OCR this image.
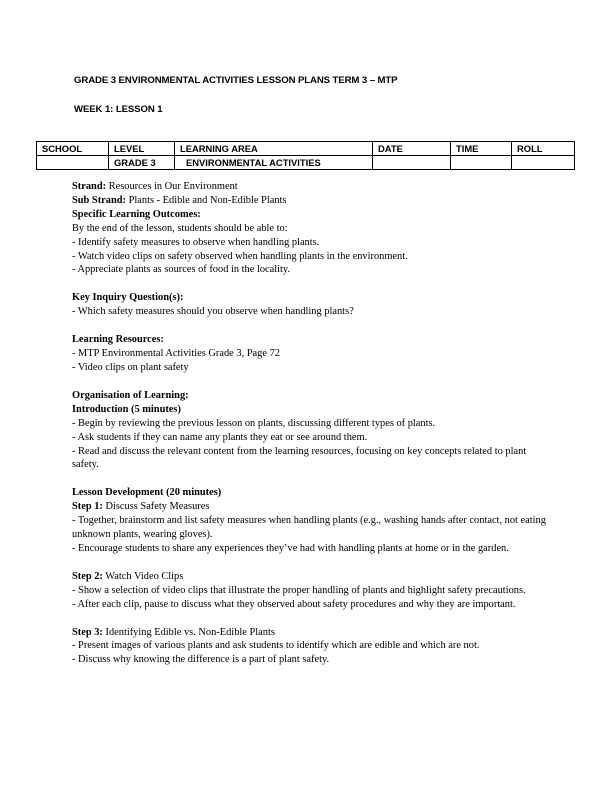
GRADE 3 ENVIRONMENTAL ACTIVITIES LESSON PLANS TERM 3 – MTP
WEEK 1: LESSON 1
SCHOOL	LEVEL	LEARNING AREA	DATE	TIME	ROLL
	GRADE 3	ENVIRONMENTAL ACTIVITIES			

Strand: Resources in Our Environment

Sub Strand: Plants - Edible and Non-Edible Plants

Specific Learning Outcomes:

By the end of the lesson, students should be able to:

- Identify safety measures to observe when handling plants.

- Watch video clips on safety observed when handling plants in the environment.

- Appreciate plants as sources of food in the locality.

Key Inquiry Question(s):

- Which safety measures should you observe when handling plants?

Learning Resources:

- MTP Environmental Activities Grade 3, Page 72

- Video clips on plant safety

Organisation of Learning:

Introduction (5 minutes)

- Begin by reviewing the previous lesson on plants, discussing different types of plants.

- Ask students if they can name any plants they eat or see around them.

- Read and discuss the relevant content from the learning resources, focusing on key concepts related to plant safety.

Lesson Development (20 minutes)

Step 1: Discuss Safety Measures

- Together, brainstorm and list safety measures when handling plants (e.g., washing hands after contact, not eating unknown plants, wearing gloves).

- Encourage students to share any experiences they’ve had with handling plants at home or in the garden.

Step 2: Watch Video Clips

- Show a selection of video clips that illustrate the proper handling of plants and highlight safety precautions.

- After each clip, pause to discuss what they observed about safety procedures and why they are important.

Step 3: Identifying Edible vs. Non-Edible Plants

- Present images of various plants and ask students to identify which are edible and which are not.

- Discuss why knowing the difference is a part of plant safety.
